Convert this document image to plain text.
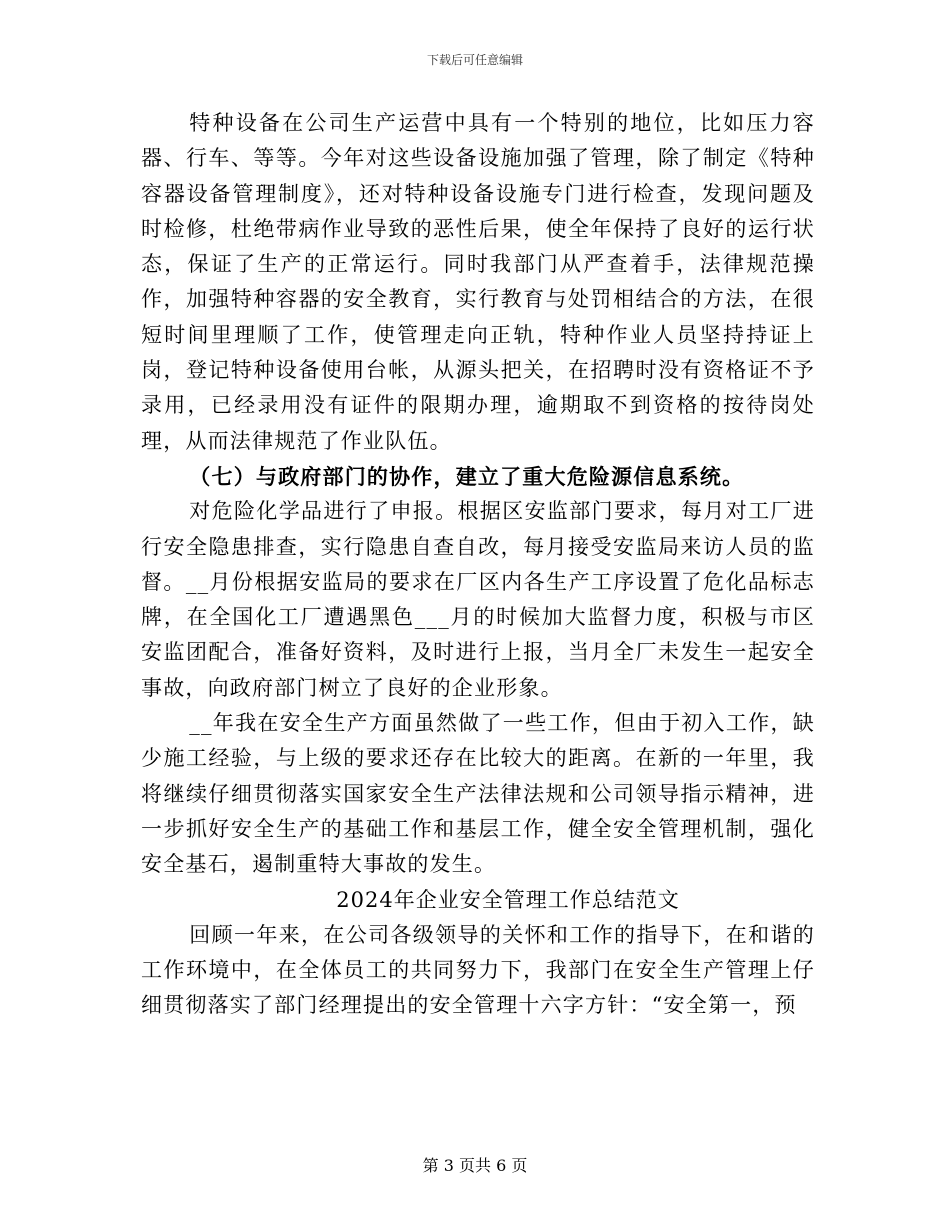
下载后可任意编辑

特种设备在公司生产运营中具有一个特别的地位，比如压力容器、行车、等等。今年对这些设备设施加强了管理，除了制定《特种容器设备管理制度》，还对特种设备设施专门进行检查，发现问题及时检修，杜绝带病作业导致的恶性后果，使全年保持了良好的运行状态，保证了生产的正常运行。同时我部门从严查着手，法律规范操作，加强特种容器的安全教育，实行教育与处罚相结合的方法，在很短时间里理顺了工作，使管理走向正轨，特种作业人员坚持持证上岗，登记特种设备使用台帐，从源头把关，在招聘时没有资格证不予录用，已经录用没有证件的限期办理，逾期取不到资格的按待岗处理，从而法律规范了作业队伍。

（七）与政府部门的协作，建立了重大危险源信息系统。

对危险化学品进行了申报。根据区安监部门要求，每月对工厂进行安全隐患排查，实行隐患自查自改，每月接受安监局来访人员的监督。__月份根据安监局的要求在厂区内各生产工序设置了危化品标志牌，在全国化工厂遭遇黑色___月的时候加大监督力度，积极与市区安监团配合，准备好资料，及时进行上报，当月全厂未发生一起安全事故，向政府部门树立了良好的企业形象。

__年我在安全生产方面虽然做了一些工作，但由于初入工作，缺少施工经验，与上级的要求还存在比较大的距离。在新的一年里，我将继续仔细贯彻落实国家安全生产法律法规和公司领导指示精神，进一步抓好安全生产的基础工作和基层工作，健全安全管理机制，强化安全基石，遏制重特大事故的发生。

2024年企业安全管理工作总结范文

回顾一年来，在公司各级领导的关怀和工作的指导下，在和谐的工作环境中，在全体员工的共同努力下，我部门在安全生产管理上仔细贯彻落实了部门经理提出的安全管理十六字方针：“安全第一，预

第 3 页共 6 页
